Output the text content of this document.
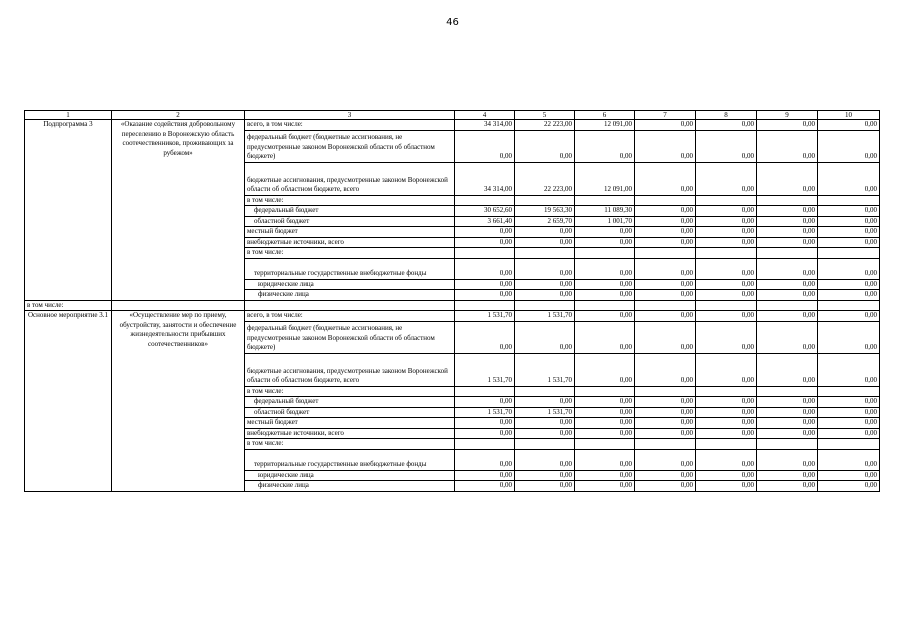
46
1	2	3	4	5	6	7	8	9	10
Подпрограмма 3	«Оказание содействия добровольному переселению в Воронежскую область соотечественников, проживающих за рубежом»	всего, в том числе:	34 314,00	22 223,00	12 091,00	0,00	0,00	0,00	0,00
		федеральный бюджет (бюджетные ассигнования, не предусмотренные законом Воронежской области об областном бюджете)	0,00	0,00	0,00	0,00	0,00	0,00	0,00
		бюджетные ассигнования, предусмотренные законом Воронежской области об областном бюджете, всего	34 314,00	22 223,00	12 091,00	0,00	0,00	0,00	0,00
		в том числе:							
		федеральный бюджет	30 652,60	19 563,30	11 089,30	0,00	0,00	0,00	0,00
		областной бюджет	3 661,40	2 659,70	1 001,70	0,00	0,00	0,00	0,00
		местный бюджет	0,00	0,00	0,00	0,00	0,00	0,00	0,00
		внебюджетные источники, всего	0,00	0,00	0,00	0,00	0,00	0,00	0,00
		в том числе:							
		территориальные государственные внебюджетные фонды	0,00	0,00	0,00	0,00	0,00	0,00	0,00
		юридические лица	0,00	0,00	0,00	0,00	0,00	0,00	0,00
		физические лица	0,00	0,00	0,00	0,00	0,00	0,00	0,00
в том числе:									
Основное мероприятие 3.1	«Осуществление мер по приему, обустройству, занятости и обеспечение жизнедеятельности прибывших соотечественников»	всего, в том числе:	1 531,70	1 531,70	0,00	0,00	0,00	0,00	0,00
		федеральный бюджет (бюджетные ассигнования, не предусмотренные законом Воронежской области об областном бюджете)	0,00	0,00	0,00	0,00	0,00	0,00	0,00
		бюджетные ассигнования, предусмотренные законом Воронежской области об областном бюджете, всего	1 531,70	1 531,70	0,00	0,00	0,00	0,00	0,00
		в том числе:							
		федеральный бюджет	0,00	0,00	0,00	0,00	0,00	0,00	0,00
		областной бюджет	1 531,70	1 531,70	0,00	0,00	0,00	0,00	0,00
		местный бюджет	0,00	0,00	0,00	0,00	0,00	0,00	0,00
		внебюджетные источники, всего	0,00	0,00	0,00	0,00	0,00	0,00	0,00
		в том числе:							
		территориальные государственные внебюджетные фонды	0,00	0,00	0,00	0,00	0,00	0,00	0,00
		юридические лица	0,00	0,00	0,00	0,00	0,00	0,00	0,00
		физические лица	0,00	0,00	0,00	0,00	0,00	0,00	0,00
